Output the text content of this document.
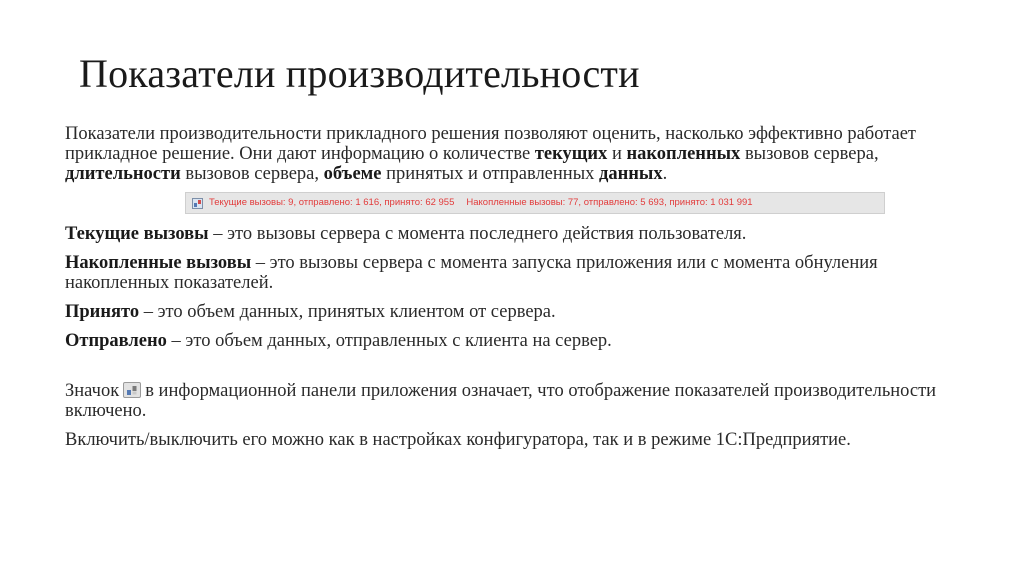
Показатели производительности

Показатели производительности прикладного решения позволяют оценить, насколько эффективно работает прикладное решение. Они дают информацию о количестве текущих и накопленных вызовов сервера, длительности вызовов сервера, объеме принятых и отправленных данных.

Текущие вызовы: 9, отправлено: 1 616, принято: 62 955 Накопленные вызовы: 77, отправлено: 5 693, принято: 1 031 991

Текущие вызовы – это вызовы сервера с момента последнего действия пользователя.

Накопленные вызовы – это вызовы сервера с момента запуска приложения или с момента обнуления накопленных показателей.

Принято – это объем данных, принятых клиентом от сервера.

Отправлено – это объем данных, отправленных с клиента на сервер.

Значок в информационной панели приложения означает, что отображение показателей производительности включено.

Включить/выключить его можно как в настройках конфигуратора, так и в режиме 1С:Предприятие.
